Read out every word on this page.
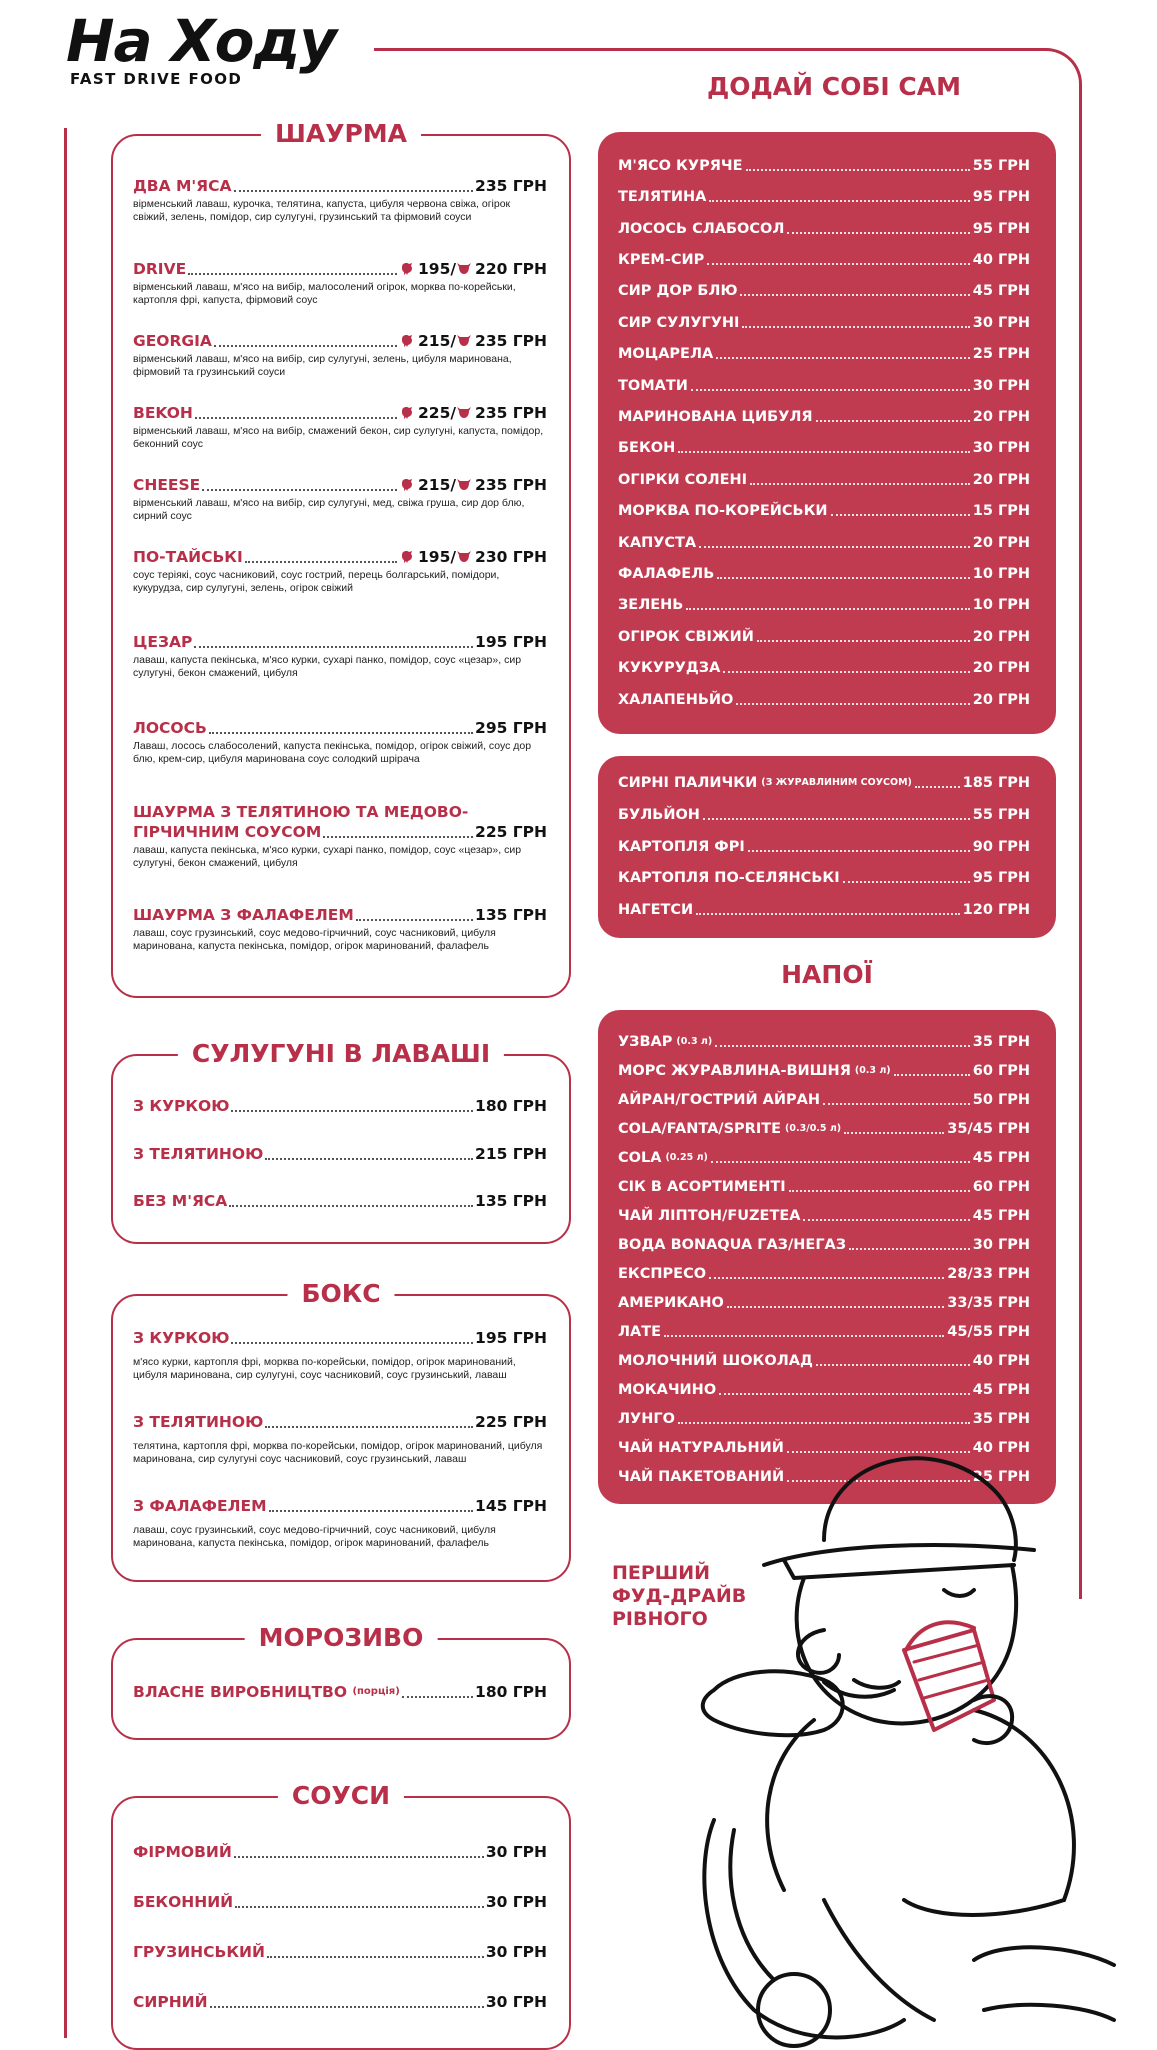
На Ходу
FAST DRIVE FOOD
ШАУРМА
ДВА М'ЯСА	235 ГРН
вірменський лаваш, курочка, телятина, капуста, цибуля червона свіжа, огірок свіжий, зелень, помідор, сир сулугуні, грузинський та фірмовий соуси
DRIVE	195/ 220 ГРН
вірменський лаваш, м'ясо на вибір, малосолений огірок, морква по-корейськи, картопля фрі, капуста, фірмовий соус
GEORGIA	215/ 235 ГРН
вірменський лаваш, м'ясо на вибір, сир сулугуні, зелень, цибуля маринована, фірмовий та грузинський соуси
BEKOH	225/ 235 ГРН
вірменський лаваш, м'ясо на вибір, смажений бекон, сир сулугуні, капуста, помідор, беконний соус
CHEESE	215/ 235 ГРН
вірменський лаваш, м'ясо на вибір, сир сулугуні, мед, свіжа груша, сир дор блю, сирний соус
ПО-ТАЙСЬКІ	195/ 230 ГРН
соус теріякі, соус часниковий, соус гострий, перець болгарський, помідори, кукурудза, сир сулугуні, зелень, огірок свіжий
ЦЕЗАР	195 ГРН
лаваш, капуста пекінська, м'ясо курки, сухарі панко, помідор, соус «цезар», сир сулугуні, бекон смажений, цибуля
ЛОСОСЬ	295 ГРН
Лаваш, лосось слабосолений, капуста пекінська, помідор, огірок свіжий, соус дор блю, крем-сир, цибуля маринована соус солодкий шрірача
ШАУРМА З ТЕЛЯТИНОЮ ТА МЕДОВО-
ГІРЧИЧНИМ СОУСОМ	225 ГРН
лаваш, капуста пекінська, м'ясо курки, сухарі панко, помідор, соус «цезар», сир сулугуні, бекон смажений, цибуля
ШАУРМА З ФАЛАФЕЛЕМ	135 ГРН
лаваш, соус грузинський, соус медово-гірчичний, соус часниковий, цибуля маринована, капуста пекінська, помідор, огірок маринований, фалафель
СУЛУГУНІ В ЛАВАШІ
З КУРКОЮ	180 ГРН
З ТЕЛЯТИНОЮ	215 ГРН
БЕЗ М'ЯСА	135 ГРН
БОКС
З КУРКОЮ	195 ГРН
м'ясо курки, картопля фрі, морква по-корейськи, помідор, огірок маринований, цибуля маринована, сир сулугуні, соус часниковий, соус грузинський, лаваш
З ТЕЛЯТИНОЮ	225 ГРН
телятина, картопля фрі, морква по-корейськи, помідор, огірок маринований, цибуля маринована, сир сулугуні соус часниковий, соус грузинський, лаваш
З ФАЛАФЕЛЕМ	145 ГРН
лаваш, соус грузинський, соус медово-гірчичний, соус часниковий, цибуля маринована, капуста пекінська, помідор, огірок маринований, фалафель
МОРОЗИВО
ВЛАСНЕ ВИРОБНИЦТВО
(порція)	180 ГРН
СОУСИ
ФІРМОВИЙ	30 ГРН
БЕКОННИЙ	30 ГРН
ГРУЗИНСЬКИЙ	30 ГРН
СИРНИЙ	30 ГРН
ДОДАЙ СОБІ САМ
М'ЯСО КУРЯЧЕ	55 ГРН
ТЕЛЯТИНА	95 ГРН
ЛОСОСЬ СЛАБОСОЛ	95 ГРН
КРЕМ-СИР	40 ГРН
СИР ДОР БЛЮ	45 ГРН
СИР СУЛУГУНІ	30 ГРН
МОЦАРЕЛА	25 ГРН
ТОМАТИ	30 ГРН
МАРИНОВАНА ЦИБУЛЯ	20 ГРН
БЕКОН	30 ГРН
ОГІРКИ СОЛЕНІ	20 ГРН
МОРКВА ПО-КОРЕЙСЬКИ	15 ГРН
КАПУСТА	20 ГРН
ФАЛАФЕЛЬ	10 ГРН
ЗЕЛЕНЬ	10 ГРН
ОГІРОК СВІЖИЙ	20 ГРН
КУКУРУДЗА	20 ГРН
ХАЛАПЕНЬЙО	20 ГРН
СИРНІ ПАЛИЧКИ (З ЖУРАВЛИНИМ СОУСОМ)	185 ГРН
БУЛЬЙОН	55 ГРН
КАРТОПЛЯ ФРІ	90 ГРН
КАРТОПЛЯ ПО-СЕЛЯНСЬКІ	95 ГРН
НАГЕТСИ	120 ГРН
НАПОЇ
УЗВАР (0.3 л)	35 ГРН
МОРС ЖУРАВЛИНА-ВИШНЯ (0.3 л)	60 ГРН
АЙРАН/ГОСТРИЙ АЙРАН	50 ГРН
COLA/FANTA/SPRITE (0.3/0.5 л)	35/45 ГРН
COLA (0.25 л)	45 ГРН
СІК В АСОРТИМЕНТІ	60 ГРН
ЧАЙ ЛІПТОН/FUZETEA	45 ГРН
ВОДА BONAQUA ГАЗ/НЕГАЗ	30 ГРН
ЕКСПРЕСО	28/33 ГРН
АМЕРИКАНО	33/35 ГРН
ЛАТЕ	45/55 ГРН
МОЛОЧНИЙ ШОКОЛАД	40 ГРН
МОКАЧИНО	45 ГРН
ЛУНГО	35 ГРН
ЧАЙ НАТУРАЛЬНИЙ	40 ГРН
ЧАЙ ПАКЕТОВАНИЙ	25 ГРН
ПЕРШИЙ
ФУД-ДРАЙВ
РІВНОГО
